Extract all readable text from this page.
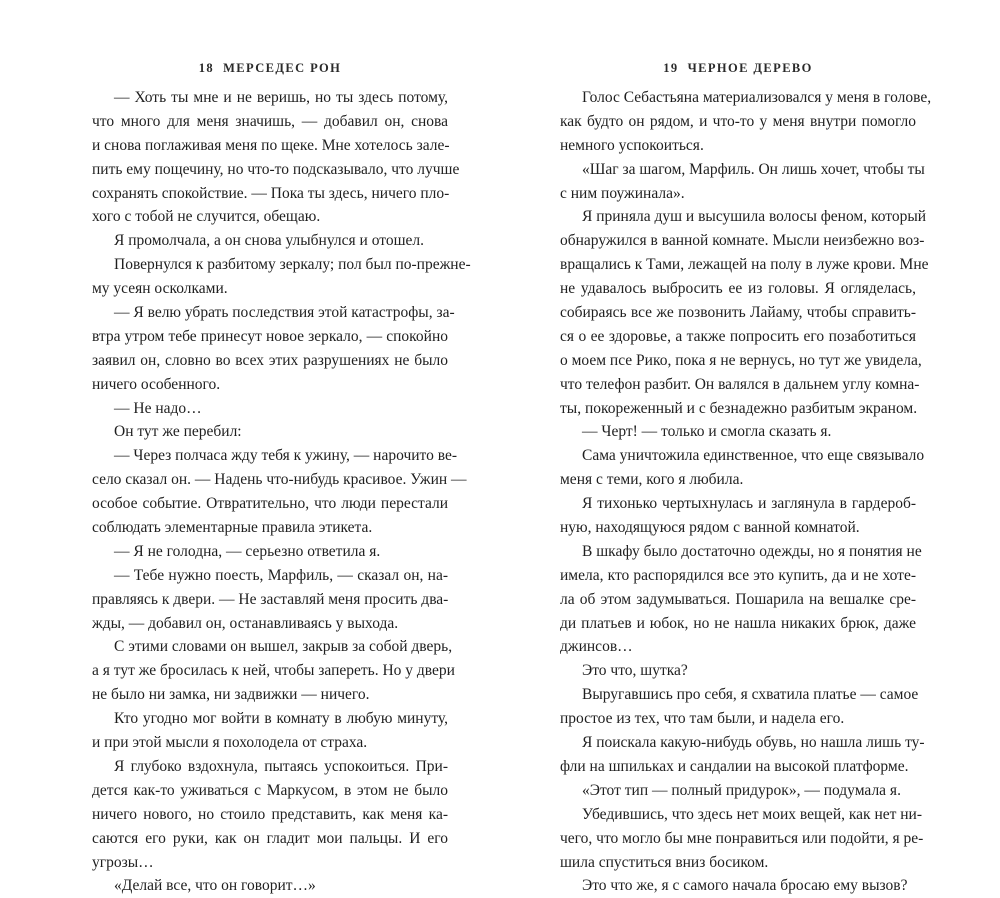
18 МЕРСЕДЕС РОН
— Хоть ты мне и не веришь, но ты здесь потому,
что много для меня значишь, — добавил он, снова
и снова поглаживая меня по щеке. Мне хотелось зале-
пить ему пощечину, но что-то подсказывало, что лучше
сохранять спокойствие. — Пока ты здесь, ничего пло-
хого с тобой не случится, обещаю.
Я промолчала, а он снова улыбнулся и отошел.
Повернулся к разбитому зеркалу; пол был по-прежне-
му усеян осколками.
— Я велю убрать последствия этой катастрофы, за-
втра утром тебе принесут новое зеркало, — спокойно
заявил он, словно во всех этих разрушениях не было
ничего особенного.
— Не надо…
Он тут же перебил:
— Через полчаса жду тебя к ужину, — нарочито ве-
село сказал он. — Надень что-нибудь красивое. Ужин —
особое событие. Отвратительно, что люди перестали
соблюдать элементарные правила этикета.
— Я не голодна, — серьезно ответила я.
— Тебе нужно поесть, Марфиль, — сказал он, на-
правляясь к двери. — Не заставляй меня просить два-
жды, — добавил он, останавливаясь у выхода.
С этими словами он вышел, закрыв за собой дверь,
а я тут же бросилась к ней, чтобы запереть. Но у двери
не было ни замка, ни задвижки — ничего.
Кто угодно мог войти в комнату в любую минуту,
и при этой мысли я похолодела от страха.
Я глубоко вздохнула, пытаясь успокоиться. При-
дется как-то уживаться с Маркусом, в этом не было
ничего нового, но стоило представить, как меня ка-
саются его руки, как он гладит мои пальцы. И его
угрозы…
«Делай все, что он говорит…»
19 ЧЕРНОЕ ДЕРЕВО
Голос Себастьяна материализовался у меня в голове,
как будто он рядом, и что-то у меня внутри помогло
немного успокоиться.
«Шаг за шагом, Марфиль. Он лишь хочет, чтобы ты
с ним поужинала».
Я приняла душ и высушила волосы феном, который
обнаружился в ванной комнате. Мысли неизбежно воз-
вращались к Тами, лежащей на полу в луже крови. Мне
не удавалось выбросить ее из головы. Я огляделась,
собираясь все же позвонить Лайаму, чтобы справить-
ся о ее здоровье, а также попросить его позаботиться
о моем псе Рико, пока я не вернусь, но тут же увидела,
что телефон разбит. Он валялся в дальнем углу комна-
ты, покореженный и с безнадежно разбитым экраном.
— Черт! — только и смогла сказать я.
Сама уничтожила единственное, что еще связывало
меня с теми, кого я любила.
Я тихонько чертыхнулась и заглянула в гардероб-
ную, находящуюся рядом с ванной комнатой.
В шкафу было достаточно одежды, но я понятия не
имела, кто распорядился все это купить, да и не хоте-
ла об этом задумываться. Пошарила на вешалке сре-
ди платьев и юбок, но не нашла никаких брюк, даже
джинсов…
Это что, шутка?
Выругавшись про себя, я схватила платье — самое
простое из тех, что там были, и надела его.
Я поискала какую-нибудь обувь, но нашла лишь ту-
фли на шпильках и сандалии на высокой платформе.
«Этот тип — полный придурок», — подумала я.
Убедившись, что здесь нет моих вещей, как нет ни-
чего, что могло бы мне понравиться или подойти, я ре-
шила спуститься вниз босиком.
Это что же, я с самого начала бросаю ему вызов?
